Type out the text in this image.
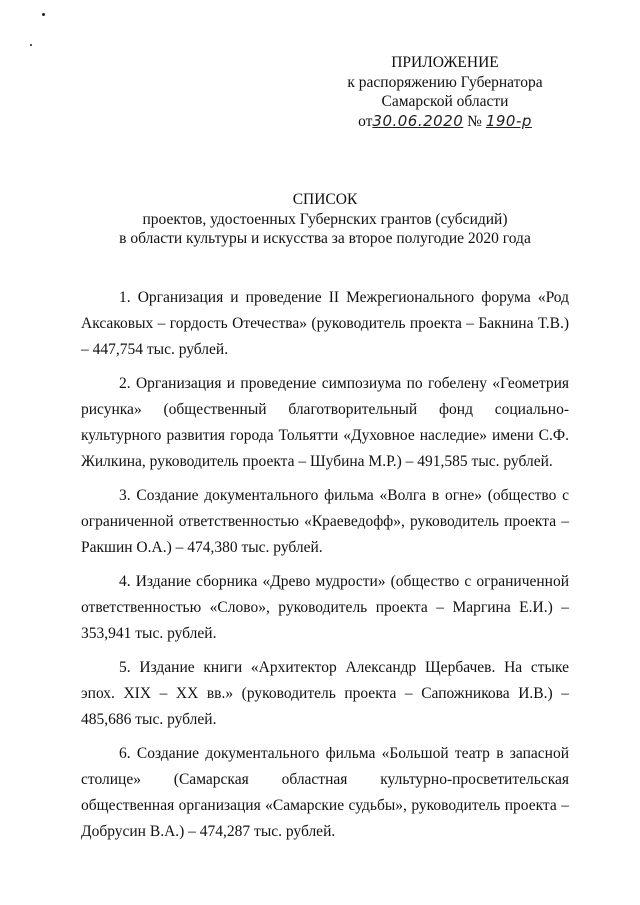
ПРИЛОЖЕНИЕ
к распоряжению Губернатора
Самарской области
от30.06.2020 № 190-р
СПИСОК
проектов, удостоенных Губернских грантов (субсидий)
в области культуры и искусства за второе полугодие 2020 года

1. Организация и проведение II Межрегионального форума «Род Аксаковых – гордость Отечества» (руководитель проекта – Бакнина Т.В.) – 447,754 тыс. рублей.

2. Организация и проведение симпозиума по гобелену «Геометрия рисунка» (общественный благотворительный фонд социально-культурного развития города Тольятти «Духовное наследие» имени С.Ф. Жилкина, руководитель проекта – Шубина М.Р.) – 491,585 тыс. рублей.

3. Создание документального фильма «Волга в огне» (общество с ограниченной ответственностью «Краеведофф», руководитель проекта – Ракшин О.А.) – 474,380 тыс. рублей.

4. Издание сборника «Древо мудрости» (общество с ограниченной ответственностью «Слово», руководитель проекта – Маргина Е.И.) – 353,941 тыс. рублей.

5. Издание книги «Архитектор Александр Щербачев. На стыке эпох. XIX – XX вв.» (руководитель проекта – Сапожникова И.В.) – 485,686 тыс. рублей.

6. Создание документального фильма «Большой театр в запасной столице» (Самарская областная культурно-просветительская общественная организация «Самарские судьбы», руководитель проекта – Добрусин В.А.) – 474,287 тыс. рублей.
